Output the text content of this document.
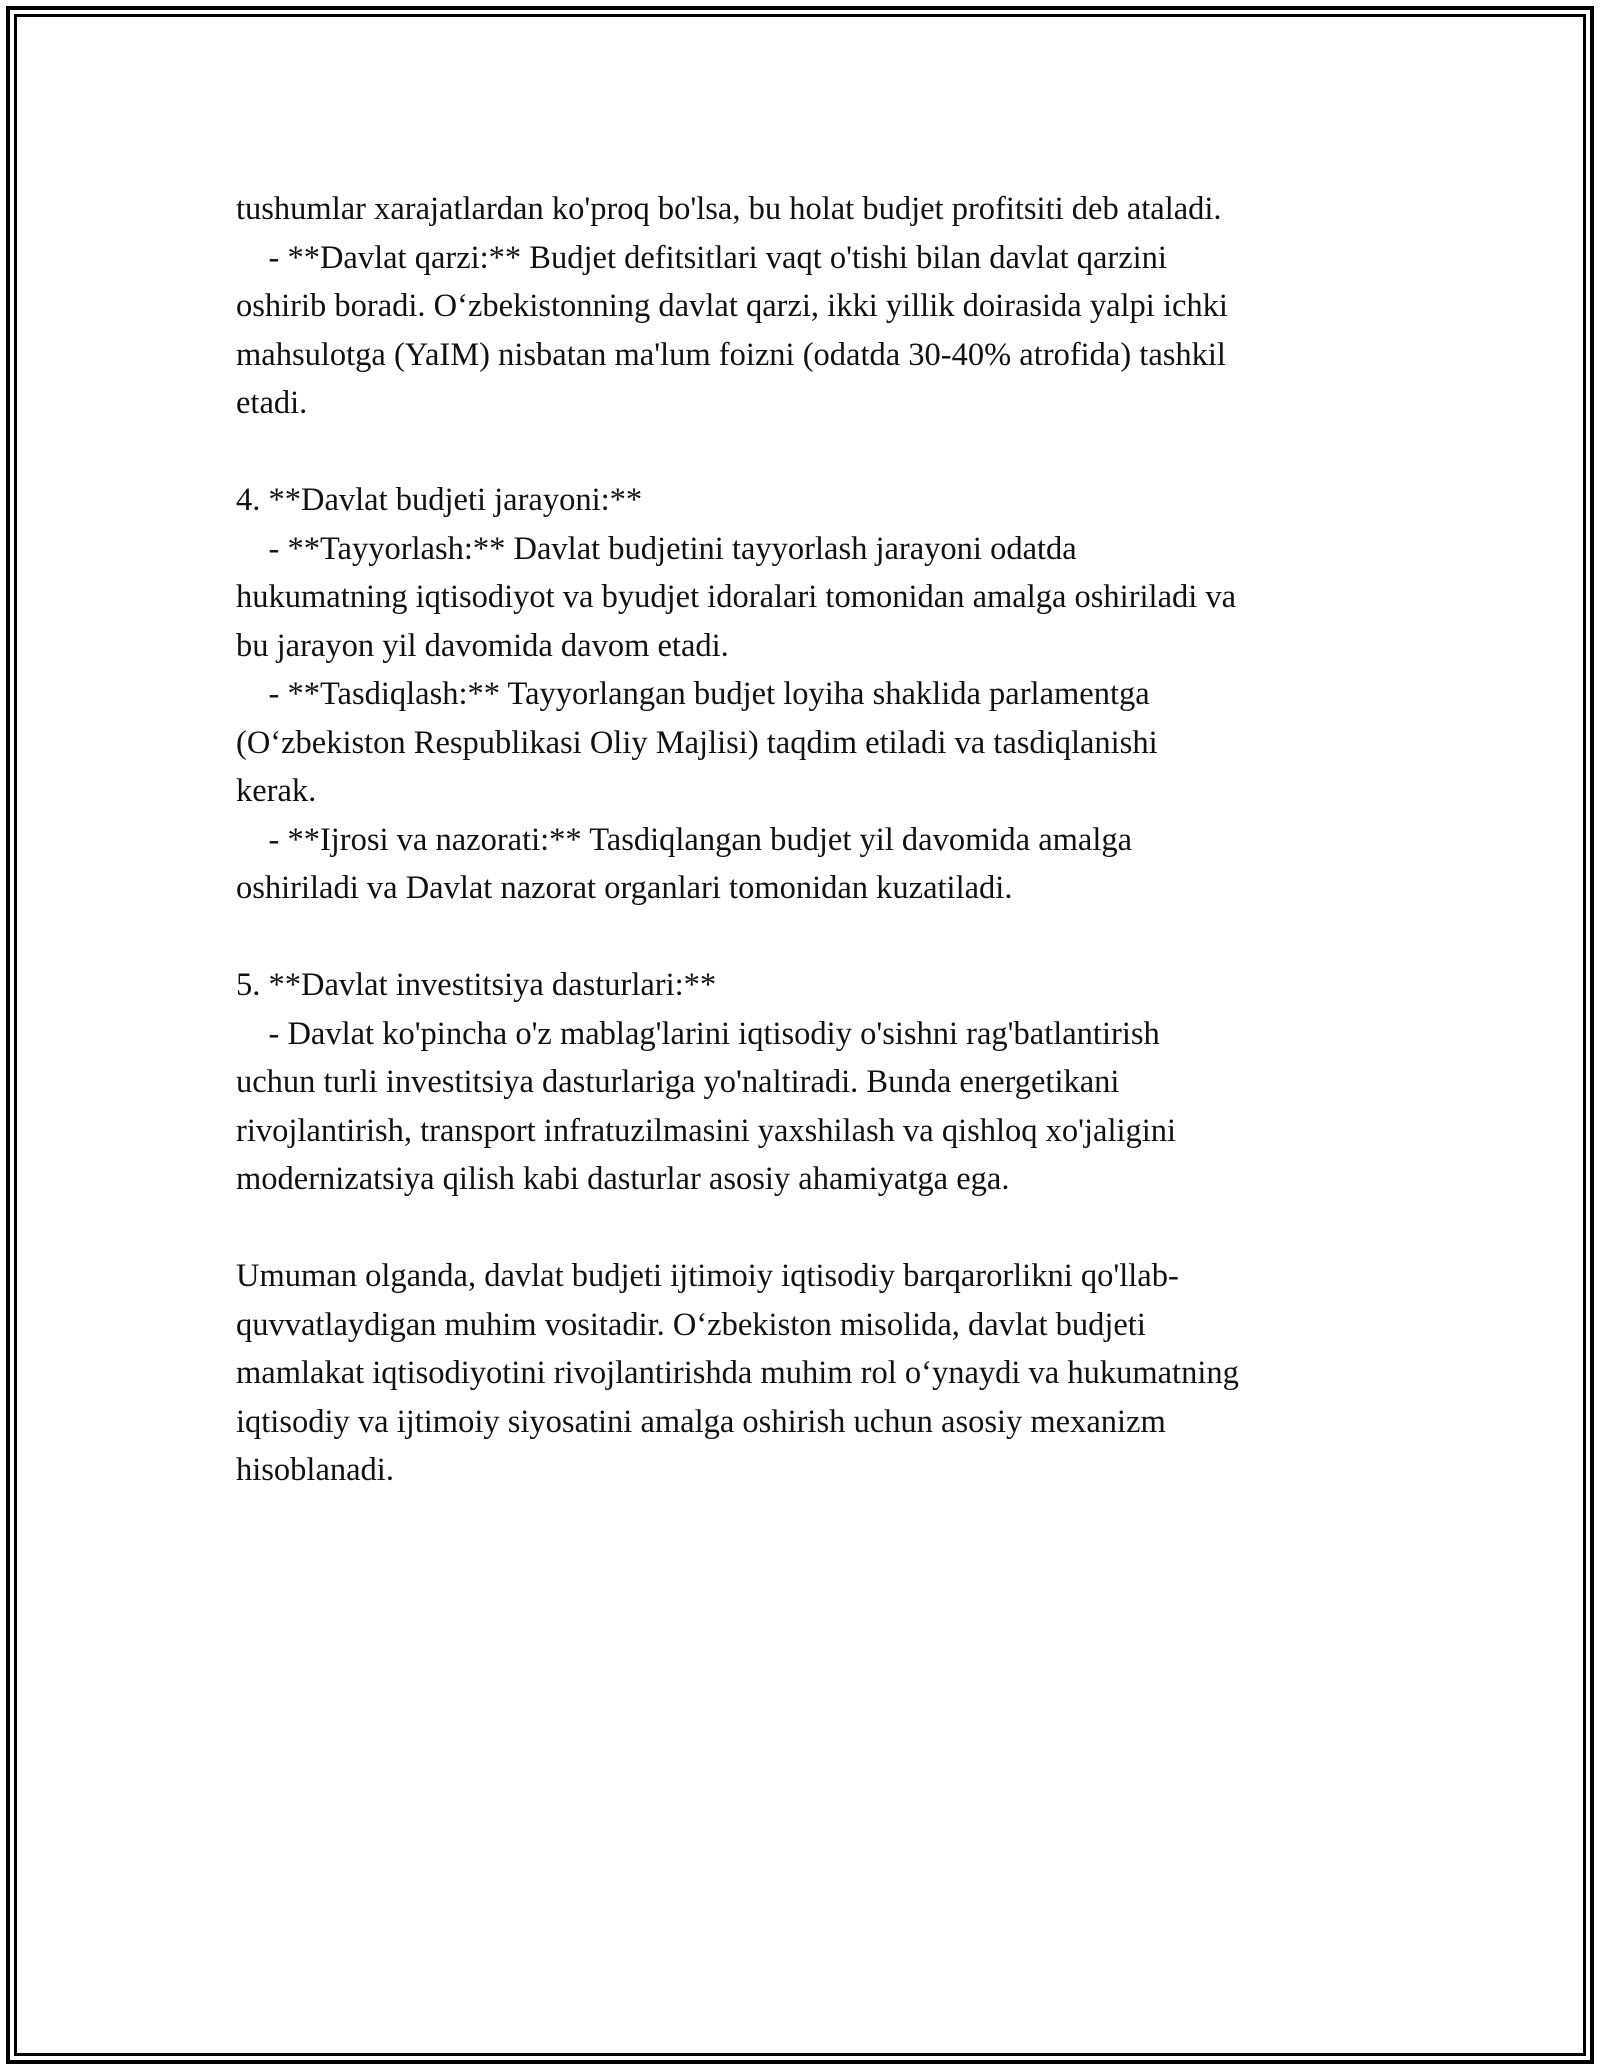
tushumlar xarajatlardan ko'proq bo'lsa, bu holat budjet profitsiti deb ataladi.
- **Davlat qarzi:** Budjet defitsitlari vaqt o'tishi bilan davlat qarzini
oshirib boradi. O‘zbekistonning davlat qarzi, ikki yillik doirasida yalpi ichki
mahsulotga (YaIM) nisbatan ma'lum foizni (odatda 30-40% atrofida) tashkil
etadi.
4. **Davlat budjeti jarayoni:**
- **Tayyorlash:** Davlat budjetini tayyorlash jarayoni odatda
hukumatning iqtisodiyot va byudjet idoralari tomonidan amalga oshiriladi va
bu jarayon yil davomida davom etadi.
- **Tasdiqlash:** Tayyorlangan budjet loyiha shaklida parlamentga
(O‘zbekiston Respublikasi Oliy Majlisi) taqdim etiladi va tasdiqlanishi
kerak.
- **Ijrosi va nazorati:** Tasdiqlangan budjet yil davomida amalga
oshiriladi va Davlat nazorat organlari tomonidan kuzatiladi.
5. **Davlat investitsiya dasturlari:**
- Davlat ko'pincha o'z mablag'larini iqtisodiy o'sishni rag'batlantirish
uchun turli investitsiya dasturlariga yo'naltiradi. Bunda energetikani
rivojlantirish, transport infratuzilmasini yaxshilash va qishloq xo'jaligini
modernizatsiya qilish kabi dasturlar asosiy ahamiyatga ega.
Umuman olganda, davlat budjeti ijtimoiy iqtisodiy barqarorlikni qo'llab-
quvvatlaydigan muhim vositadir. O‘zbekiston misolida, davlat budjeti
mamlakat iqtisodiyotini rivojlantirishda muhim rol o‘ynaydi va hukumatning
iqtisodiy va ijtimoiy siyosatini amalga oshirish uchun asosiy mexanizm
hisoblanadi.
